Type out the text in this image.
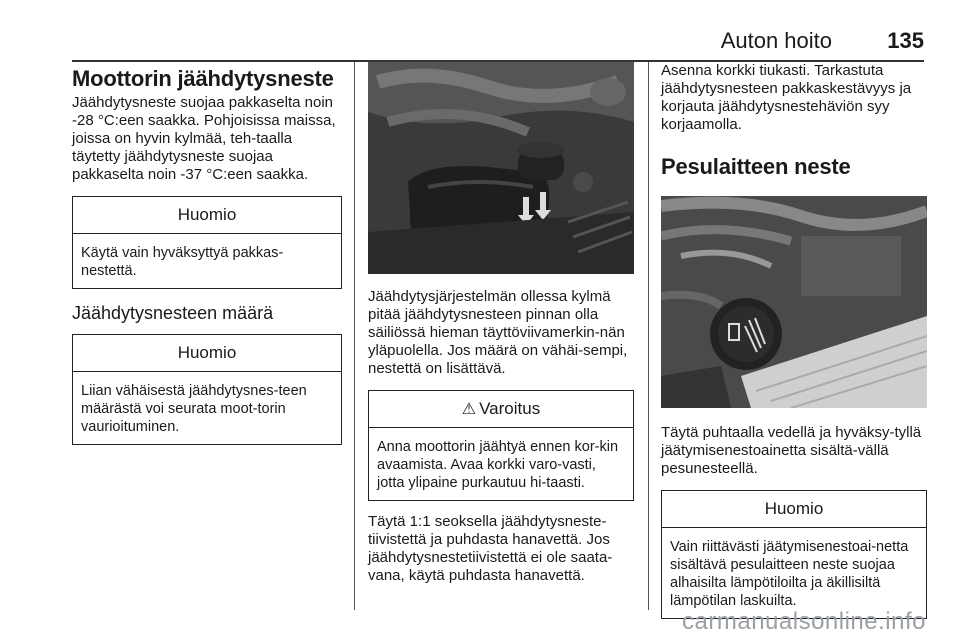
Auton hoito	135
Moottorin jäähdytysneste

Jäähdytysneste suojaa pakkaselta noin -28 °C:een saakka. Pohjoisissa maissa, joissa on hyvin kylmää, teh-taalla täytetty jäähdytysneste suojaa pakkaselta noin -37 °C:een saakka.

Huomio
Käytä vain hyväksyttyä pakkas-nestettä.
Jäähdytysnesteen määrä
Huomio
Liian vähäisestä jäähdytysnes-teen määrästä voi seurata moot-torin vaurioituminen.

Jäähdytysjärjestelmän ollessa kylmä pitää jäähdytysnesteen pinnan olla säiliössä hieman täyttöviivamerkin-nän yläpuolella. Jos määrä on vähäi-sempi, nestettä on lisättävä.

⚠ Varoitus
Anna moottorin jäähtyä ennen kor-kin avaamista. Avaa korkki varo-vasti, jotta ylipaine purkautuu hi-taasti.

Täytä 1:1 seoksella jäähdytysneste-tiivistettä ja puhdasta hanavettä. Jos jäähdytysnestetiivistettä ei ole saata-vana, käytä puhdasta hanavettä.

Asenna korkki tiukasti. Tarkastuta jäähdytysnesteen pakkaskestävyys ja korjauta jäähdytysnestehäviön syy korjaamolla.

Pesulaitteen neste

Täytä puhtaalla vedellä ja hyväksy-tyllä jäätymisenestoainetta sisältä-vällä pesunesteellä.

Huomio
Vain riittävästi jäätymisenestoai-netta sisältävä pesulaitteen neste suojaa alhaisilta lämpötiloilta ja äkillisiltä lämpötilan laskuilta.
carmanualsonline.info
